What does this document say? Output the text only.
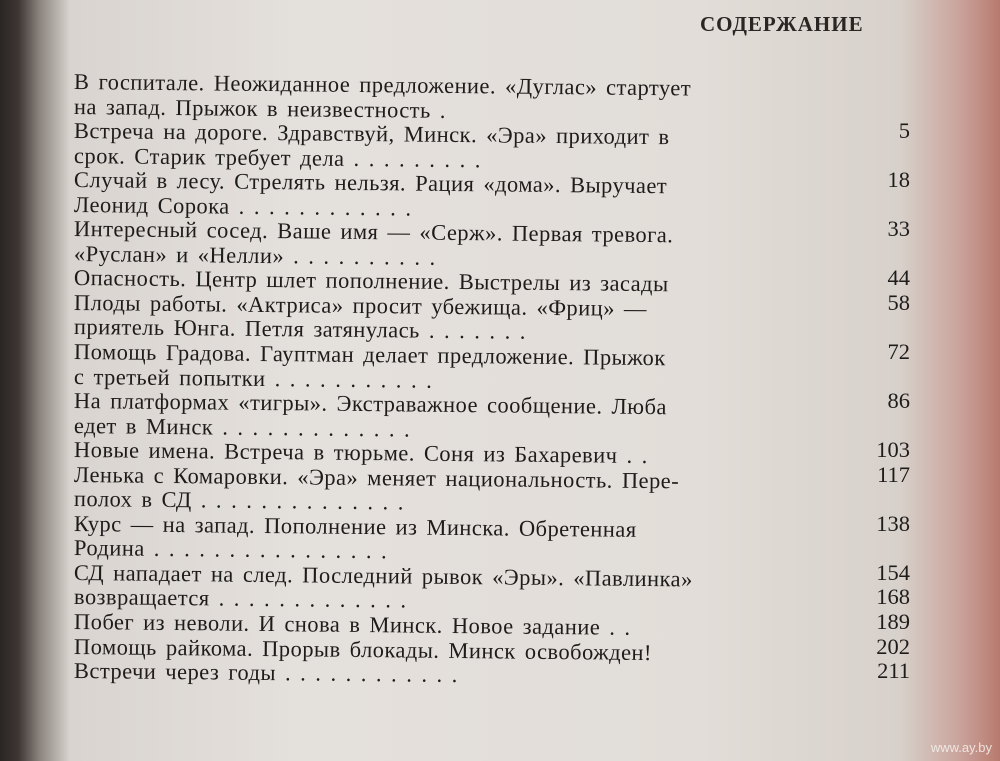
СОДЕРЖАНИЕ
В госпитале. Неожиданное предложение. «Дуглас» стартует
на запад. Прыжок в неизвестность .
Встреча на дороге. Здравствуй, Минск. «Эра» приходит в	5
срок. Старик требует дела . . . . . . . . .
Случай в лесу. Стрелять нельзя. Рация «дома». Выручает	18
Леонид Сорока . . . . . . . . . . . .
Интересный сосед. Ваше имя — «Серж». Первая тревога.	33
«Руслан» и «Нелли» . . . . . . . . . .
Опасность. Центр шлет пополнение. Выстрелы из засады	44
Плоды работы. «Актриса» просит убежища. «Фриц» —	58
приятель Юнга. Петля затянулась . . . . . . .
Помощь Градова. Гауптман делает предложение. Прыжок	72
с третьей попытки . . . . . . . . . . .
На платформах «тигры». Экстраважное сообщение. Люба	86
едет в Минск . . . . . . . . . . . . .
Новые имена. Встреча в тюрьме. Соня из Бахаревич . .	103
Ленька с Комаровки. «Эра» меняет национальность. Пере-	117
полох в СД . . . . . . . . . . . . . .
Курс — на запад. Пополнение из Минска. Обретенная	138
Родина . . . . . . . . . . . . . . . .
СД нападает на след. Последний рывок «Эры». «Павлинка»	154
возвращается . . . . . . . . . . . . .	168
Побег из неволи. И снова в Минск. Новое задание . .	189
Помощь райкома. Прорыв блокады. Минск освобожден!	202
Встречи через годы . . . . . . . . . . . .	211
www.ay.by
